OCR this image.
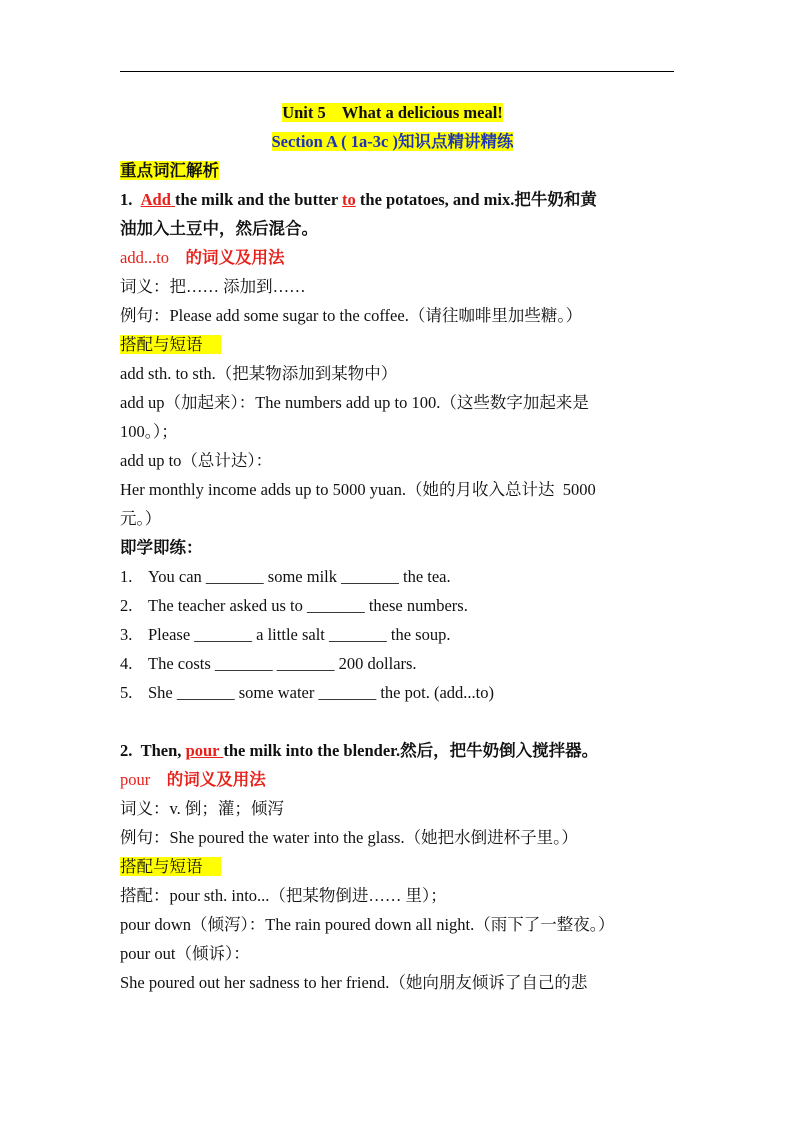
Unit 5    What a delicious meal!
Section A ( 1a-3c )知识点精讲精练
重点词汇解析
1. Add the milk and the butter to the potatoes, and mix.把牛奶和黄
油加入土豆中，然后混合。
add...to 的词义及用法
词义：把…… 添加到……
例句：Please add some sugar to the coffee.（请往咖啡里加些糖。）
搭配与短语
add sth. to sth.（把某物添加到某物中）
add up（加起来）：The numbers add up to 100.（这些数字加起来是
100。）；
add up to（总计达）：
Her monthly income adds up to 5000 yuan.（她的月收入总计达  5000
元。）
即学即练：
1. You can _______ some milk _______ the tea.
2. The teacher asked us to _______ these numbers.
3. Please _______ a little salt _______ the soup.
4. The costs _______ _______ 200 dollars.
5. She _______ some water _______ the pot. (add...to)
2. Then, pour the milk into the blender.然后，把牛奶倒入搅拌器。
pour 的词义及用法
词义：v. 倒；灌；倾泻
例句：She poured the water into the glass.（她把水倒进杯子里。）
搭配与短语
搭配：pour sth. into...（把某物倒进…… 里）；
pour down（倾泻）：The rain poured down all night.（雨下了一整夜。）
pour out（倾诉）：
She poured out her sadness to her friend.（她向朋友倾诉了自己的悲
